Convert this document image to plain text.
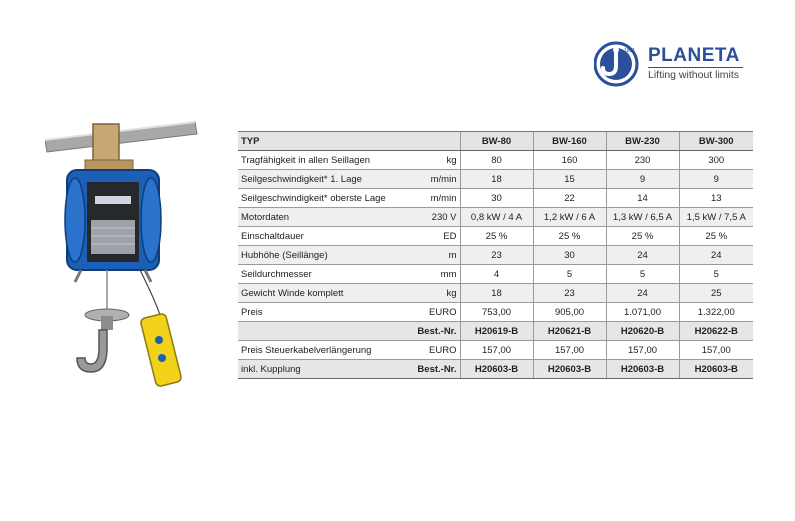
1861 PLANETA
Lifting without limits
TYP	BW-80	BW-160	BW-230	BW-300

Tragfähigkeit in allen Seillagen kg	80	160	230	300

Seilgeschwindigkeit* 1. Lage m/min	18	15	9	9

Seilgeschwindigkeit* oberste Lage m/min	30	22	14	13

Motordaten 230 V	0,8 kW / 4 A	1,2 kW / 6 A	1,3 kW / 6,5 A	1,5 kW / 7,5 A

Einschaltdauer ED	25 %	25 %	25 %	25 %

Hubhöhe (Seillänge) m	23	30	24	24

Seildurchmesser mm	4	5	5	5

Gewicht Winde komplett kg	18	23	24	25

Preis EURO	753,00	905,00	1.071,00	1.322,00
Best.-Nr.	H20619-B	H20621-B	H20620-B	H20622-B

Preis Steuerkabelverlängerung EURO	157,00	157,00	157,00	157,00

inkl. Kupplung Best.-Nr.	H20603-B	H20603-B	H20603-B	H20603-B
